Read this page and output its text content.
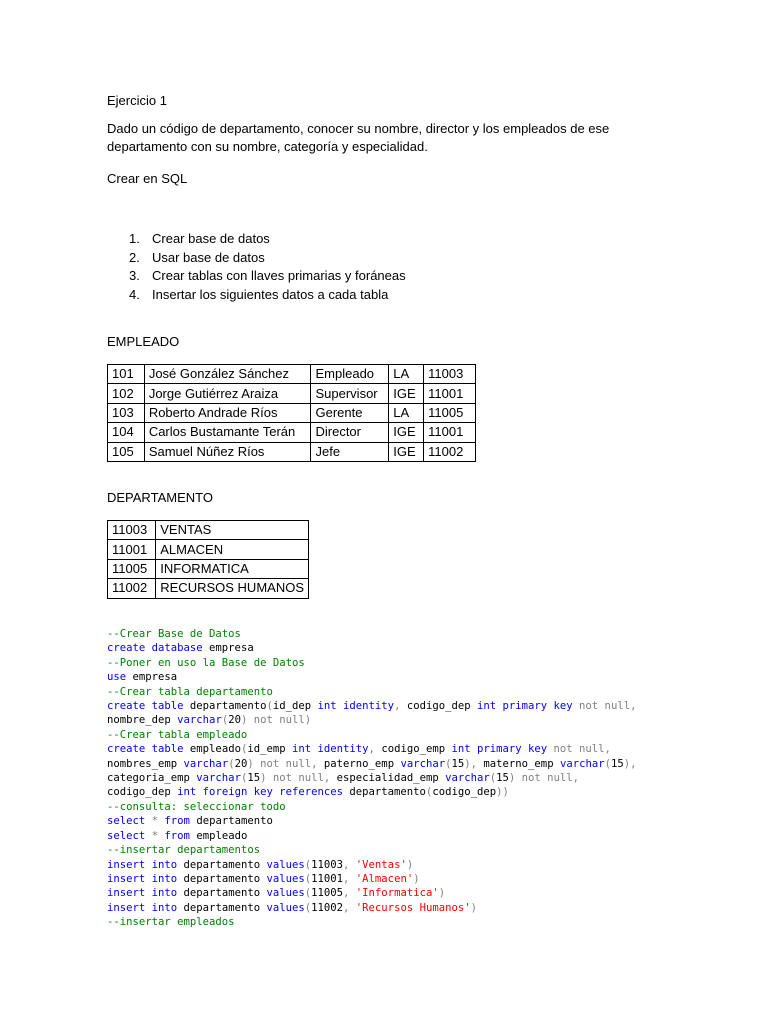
Ejercicio 1

Dado un código de departamento, conocer su nombre, director y los empleados de ese departamento con su nombre, categoría y especialidad.

Crear en SQL

1. Crear base de datos
2. Usar base de datos
3. Crear tablas con llaves primarias y foráneas
4. Insertar los siguientes datos a cada tabla

EMPLEADO

101	José González Sánchez	Empleado	LA	11003
102	Jorge Gutiérrez Araiza	Supervisor	IGE	11001
103	Roberto Andrade Ríos	Gerente	LA	11005
104	Carlos Bustamante Terán	Director	IGE	11001
105	Samuel Núñez Ríos	Jefe	IGE	11002

DEPARTAMENTO

11003	VENTAS
11001	ALMACEN
11005	INFORMATICA
11002	RECURSOS HUMANOS
--Crear Base de Datos
create database empresa
--Poner en uso la Base de Datos
use empresa
--Crear tabla departamento
create table departamento(id_dep int identity, codigo_dep int primary key not null,
nombre_dep varchar(20) not null)
--Crear tabla empleado
create table empleado(id_emp int identity, codigo_emp int primary key not null,
nombres_emp varchar(20) not null, paterno_emp varchar(15), materno_emp varchar(15),
categoria_emp varchar(15) not null, especialidad_emp varchar(15) not null,
codigo_dep int foreign key references departamento(codigo_dep))
--consulta: seleccionar todo
select * from departamento
select * from empleado
--insertar departamentos
insert into departamento values(11003, 'Ventas')
insert into departamento values(11001, 'Almacen')
insert into departamento values(11005, 'Informatica')
insert into departamento values(11002, 'Recursos Humanos')
--insertar empleados
